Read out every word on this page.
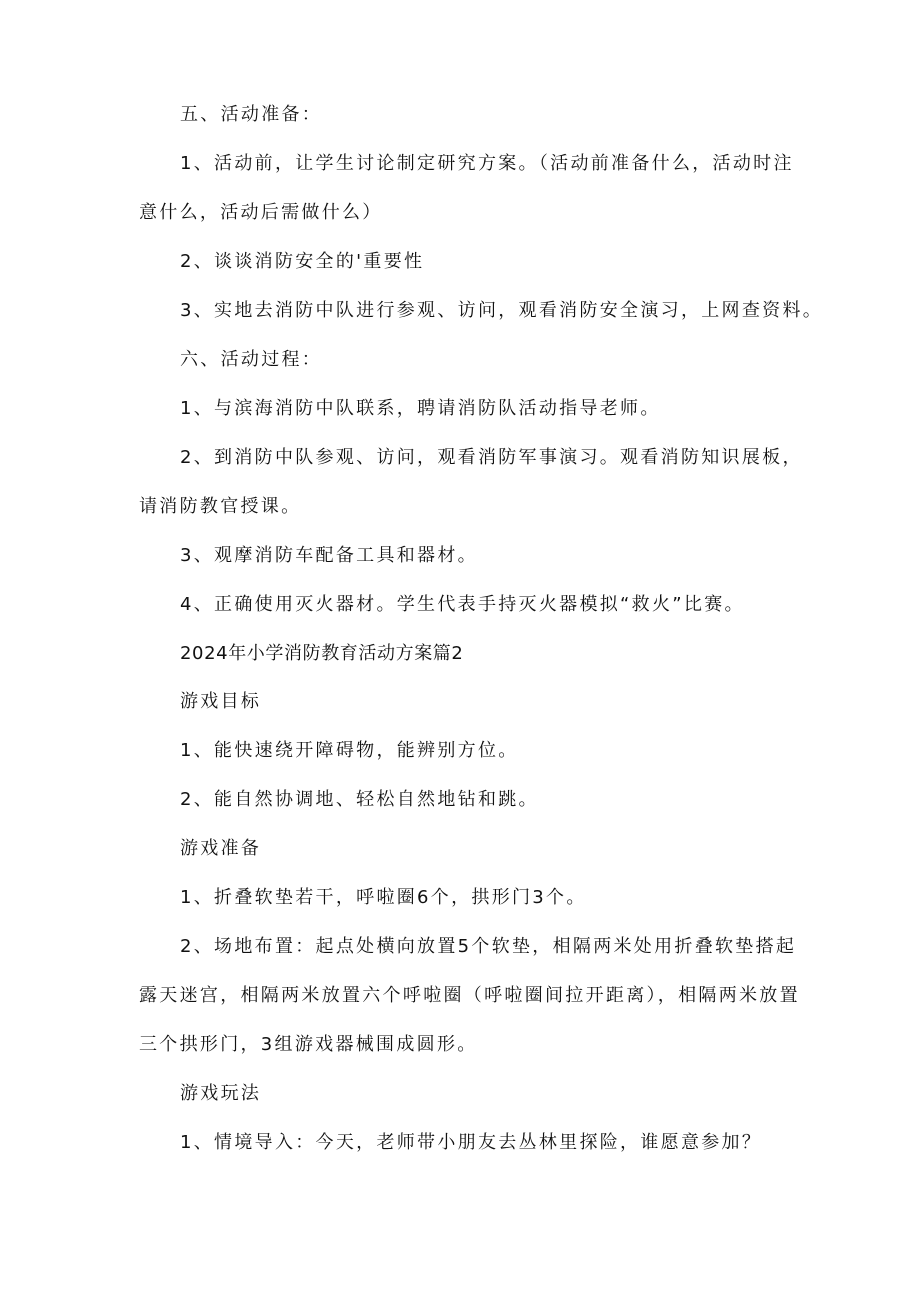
五、活动准备：
1、活动前，让学生讨论制定研究方案。（活动前准备什么，活动时注
意什么，活动后需做什么）
2、谈谈消防安全的'重要性
3、实地去消防中队进行参观、访问，观看消防安全演习，上网查资料。
六、活动过程：
1、与滨海消防中队联系，聘请消防队活动指导老师。
2、到消防中队参观、访问，观看消防军事演习。观看消防知识展板，
请消防教官授课。
3、观摩消防车配备工具和器材。
4、正确使用灭火器材。学生代表手持灭火器模拟“救火”比赛。
2024年小学消防教育活动方案篇2
游戏目标
1、能快速绕开障碍物，能辨别方位。
2、能自然协调地、轻松自然地钻和跳。
游戏准备
1、折叠软垫若干，呼啦圈6个，拱形门3个。
2、场地布置：起点处横向放置5个软垫，相隔两米处用折叠软垫搭起
露天迷宫，相隔两米放置六个呼啦圈（呼啦圈间拉开距离），相隔两米放置
三个拱形门，3组游戏器械围成圆形。
游戏玩法
1、情境导入：今天，老师带小朋友去丛林里探险，谁愿意参加？
